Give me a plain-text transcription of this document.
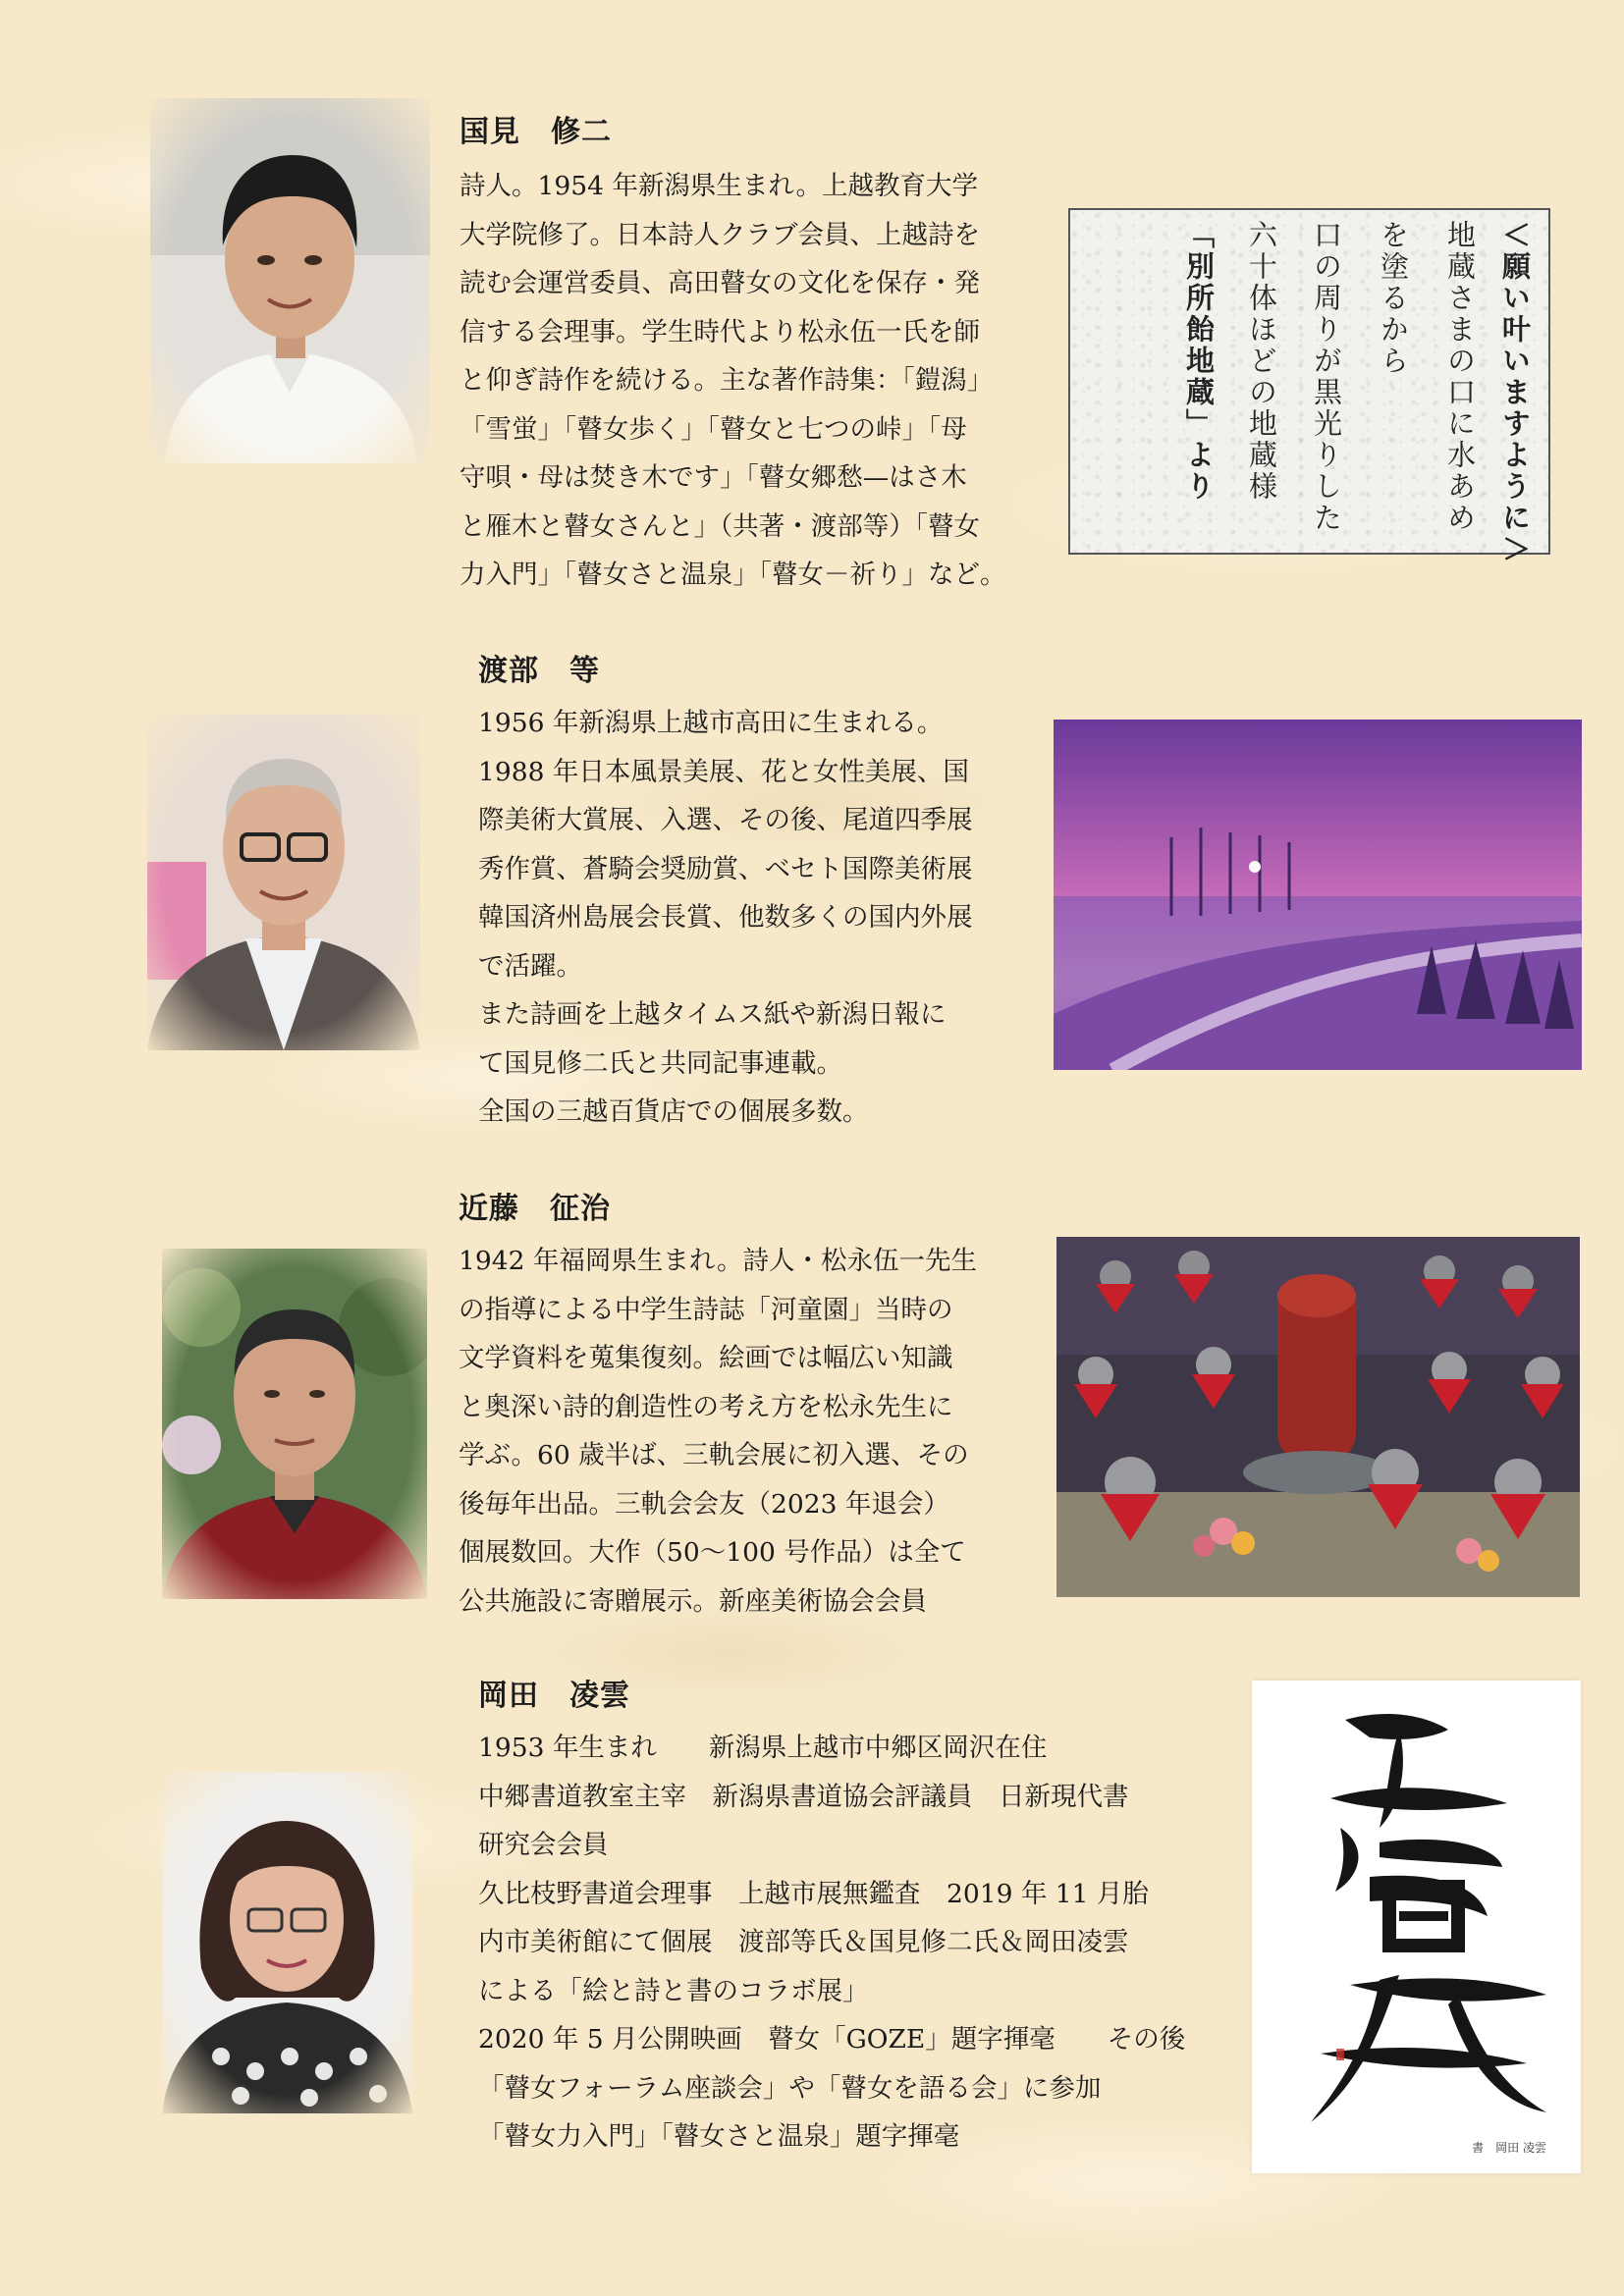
国見　修二
詩人。1954 年新潟県生まれ。上越教育大学
大学院修了。日本詩人クラブ会員、上越詩を
読む会運営委員、高田瞽女の文化を保存・発
信する会理事。学生時代より松永伍一氏を師
と仰ぎ詩作を続ける。主な著作詩集：「鎧潟」
「雪蛍」「瞽女歩く」「瞽女と七つの峠」「母
守唄・母は焚き木です」「瞽女郷愁—はさ木
と雁木と瞽女さんと」（共著・渡部等）「瞽女
力入門」「瞽女さと温泉」「瞽女－祈り」など。
＜願い叶いますように＞
地蔵さまの口に水あめ
を塗るから
口の周りが黒光りした
六十体ほどの地蔵様
「別所飴地蔵」より
渡部　等
1956 年新潟県上越市高田に生まれる。
1988 年日本風景美展、花と女性美展、国
際美術大賞展、入選、その後、尾道四季展
秀作賞、蒼騎会奨励賞、ベセト国際美術展
韓国済州島展会長賞、他数多くの国内外展
で活躍。
また詩画を上越タイムス紙や新潟日報に
て国見修二氏と共同記事連載。
全国の三越百貨店での個展多数。
近藤　征治
1942 年福岡県生まれ。詩人・松永伍一先生
の指導による中学生詩誌「河童園」当時の
文学資料を蒐集復刻。絵画では幅広い知識
と奥深い詩的創造性の考え方を松永先生に
学ぶ。60 歳半ば、三軌会展に初入選、その
後毎年出品。三軌会会友（2023 年退会）
個展数回。大作（50～100 号作品）は全て
公共施設に寄贈展示。新座美術協会会員
岡田　凌雲
1953 年生まれ　　新潟県上越市中郷区岡沢在住
中郷書道教室主宰　新潟県書道協会評議員　日新現代書
研究会会員
久比枝野書道会理事　上越市展無鑑査　2019 年 11 月胎
内市美術館にて個展　渡部等氏＆国見修二氏＆岡田凌雲
による「絵と詩と書のコラボ展」
2020 年 5 月公開映画　瞽女「GOZE」題字揮毫　　その後
「瞽女フォーラム座談会」や「瞽女を語る会」に参加
「瞽女力入門」「瞽女さと温泉」題字揮毫	書　岡田 凌雲
